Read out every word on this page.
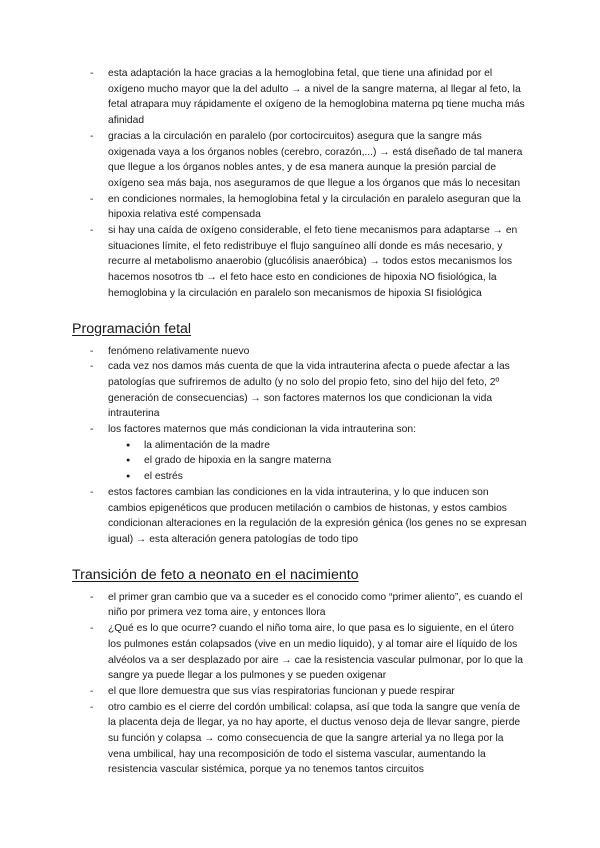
- esta adaptación la hace gracias a la hemoglobina fetal, que tiene una afinidad por el oxígeno mucho mayor que la del adulto → a nivel de la sangre materna, al llegar al feto, la fetal atrapara muy rápidamente el oxígeno de la hemoglobina materna pq tiene mucha más afinidad
- gracias a la circulación en paralelo (por cortocircuitos) asegura que la sangre más oxigenada vaya a los órganos nobles (cerebro, corazón,...) → está diseñado de tal manera que llegue a los órganos nobles antes, y de esa manera aunque la presión parcial de oxígeno sea más baja, nos aseguramos de que llegue a los órganos que más lo necesitan
- en condiciones normales, la hemoglobina fetal y la circulación en paralelo aseguran que la hipoxia relativa esté compensada
- si hay una caída de oxígeno considerable, el feto tiene mecanismos para adaptarse → en situaciones límite, el feto redistribuye el flujo sanguíneo allí donde es más necesario, y recurre al metabolismo anaerobio (glucólisis anaeróbica) → todos estos mecanismos los hacemos nosotros tb → el feto hace esto en condiciones de hipoxia NO fisiológica, la hemoglobina y la circulación en paralelo son mecanismos de hipoxia SI fisiológica
Programación fetal
- fenómeno relativamente nuevo
- cada vez nos damos más cuenta de que la vida intrauterina afecta o puede afectar a las patologías que sufriremos de adulto (y no solo del propio feto, sino del hijo del feto, 2º generación de consecuencias) → son factores maternos los que condicionan la vida intrauterina
- los factores maternos que más condicionan la vida intrauterina son:
● la alimentación de la madre
● el grado de hipoxia en la sangre materna
● el estrés
- estos factores cambian las condiciones en la vida intrauterina, y lo que inducen son cambios epigenéticos que producen metilación o cambios de histonas, y estos cambios condicionan alteraciones en la regulación de la expresión génica (los genes no se expresan igual) → esta alteración genera patologías de todo tipo
Transición de feto a neonato en el nacimiento
- el primer gran cambio que va a suceder es el conocido como “primer aliento”, es cuando el niño por primera vez toma aire, y entonces llora
- ¿Qué es lo que ocurre? cuando el niño toma aire, lo que pasa es lo siguiente, en el útero los pulmones están colapsados (vive en un medio liquido), y al tomar aire el líquido de los alvéolos va a ser desplazado por aire → cae la resistencia vascular pulmonar, por lo que la sangre ya puede llegar a los pulmones y se pueden oxigenar
- el que llore demuestra que sus vías respiratorias funcionan y puede respirar
- otro cambio es el cierre del cordón umbilical: colapsa, así que toda la sangre que venía de la placenta deja de llegar, ya no hay aporte, el ductus venoso deja de llevar sangre, pierde su función y colapsa → como consecuencia de que la sangre arterial ya no llega por la vena umbilical, hay una recomposición de todo el sistema vascular, aumentando la resistencia vascular sistémica, porque ya no tenemos tantos circuitos
